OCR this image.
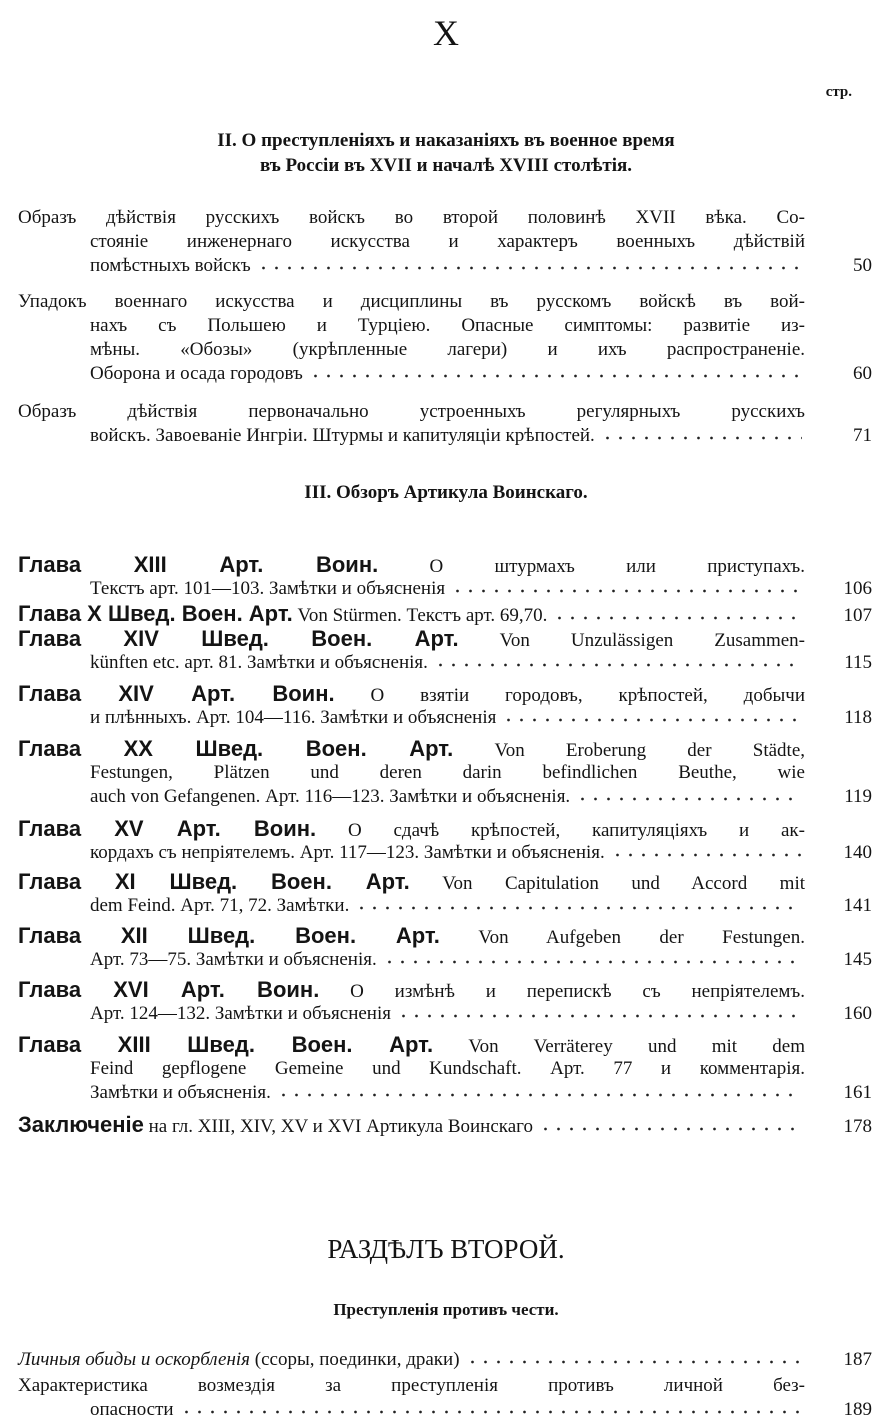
X
стр.
II. О преступленіяхъ и наказаніяхъ въ военное время
въ Россіи въ XVII и началѣ XVIII столѣтія.
Образъ дѣйствія русскихъ войскъ во второй половинѣ XVII вѣка. Со-
стояніе инженернаго искусства и характеръ военныхъ дѣйствій
помѣстныхъ войскъ	50
Упадокъ военнаго искусства и дисциплины въ русскомъ войскѣ въ вой-
нахъ съ Польшею и Турціею. Опасные симптомы: развитіе из-
мѣны. «Обозы» (укрѣпленные лагери) и ихъ распространеніе.
Оборона и осада городовъ	60
Образъ дѣйствія первоначально устроенныхъ регулярныхъ русскихъ
войскъ. Завоеваніе Ингріи. Штурмы и капитуляціи крѣпостей.	71
III. Обзоръ Артикула Воинскаго.
Глава XIII Арт. Воин.	О штурмахъ или приступахъ.
Текстъ арт. 101—103. Замѣтки и объясненія	106
Глава X Швед. Воен. Арт. Von Stürmen. Текстъ арт. 69,70.	107
Глава XIV Швед. Воен. Арт. Von Unzulässigen Zusammen-
künften etc. арт. 81. Замѣтки и объясненія.	115
Глава XIV Арт. Воин. О взятіи городовъ, крѣпостей, добычи
и плѣнныхъ. Арт. 104—116. Замѣтки и объясненія	118
Глава XX Швед. Воен. Арт. Von Eroberung der Städte,
Festungen, Plätzen und deren darin befindlichen Beuthe, wie
auch von Gefangenen. Арт. 116—123. Замѣтки и объясненія.	119
Глава XV Арт. Воин. О сдачѣ крѣпостей, капитуляціяхъ и ак-
кордахъ съ непріятелемъ. Арт. 117—123. Замѣтки и объясненія.	140
Глава XI Швед. Воен. Арт. Von Capitulation und Accord mit
dem Feind. Арт. 71, 72. Замѣтки.	141
Глава XII Швед. Воен. Арт. Von Aufgeben der Festungen.
Арт. 73—75. Замѣтки и объясненія.	145
Глава XVI Арт. Воин. О измѣнѣ и перепискѣ съ непріятелемъ.
Арт. 124—132. Замѣтки и объясненія	160
Глава XIII Швед. Воен. Арт. Von Verräterey und mit dem
Feind gepflogene Gemeine und Kundschaft. Арт. 77 и комментарія.
Замѣтки и объясненія.	161
Заключеніе на гл. XIII, XIV, XV и XVI Артикула Воинскаго	178
РАЗДѢЛЪ ВТОРОЙ.
Преступленія противъ чести.
Личныя обиды и оскорбленія (ссоры, поединки, драки)	187
Характеристика возмездія за преступленія противъ личной без-
опасности	189
